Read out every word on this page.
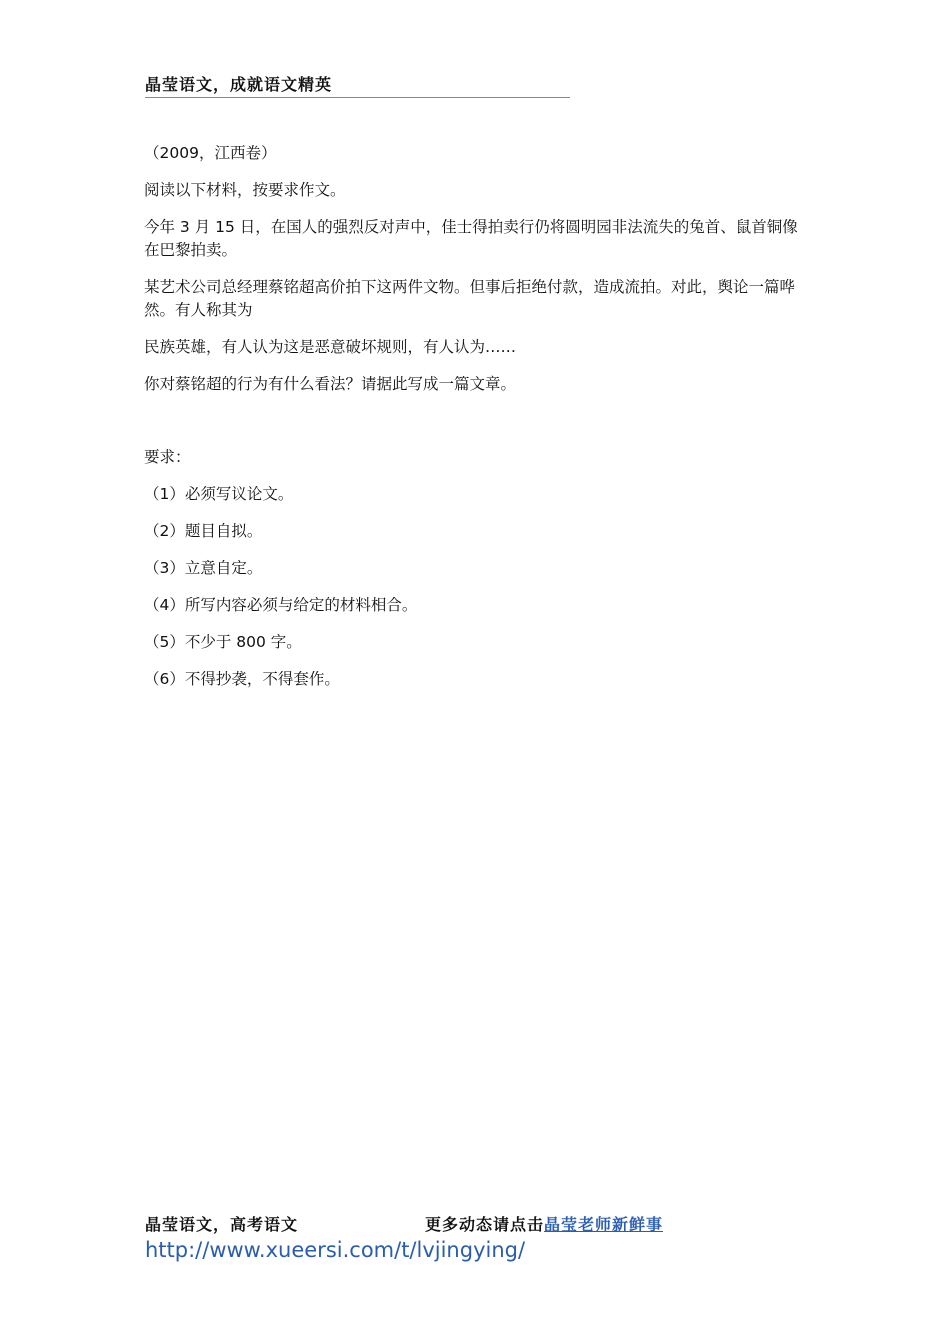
晶莹语文，成就语文精英

（2009，江西卷）

阅读以下材料，按要求作文。

今年 3 月 15 日，在国人的强烈反对声中，佳士得拍卖行仍将圆明园非法流失的兔首、鼠首铜像在巴黎拍卖。

某艺术公司总经理蔡铭超高价拍下这两件文物。但事后拒绝付款，造成流拍。对此，舆论一篇哗然。有人称其为

民族英雄，有人认为这是恶意破坏规则，有人认为……

你对蔡铭超的行为有什么看法？请据此写成一篇文章。

要求：

（1）必须写议论文。

（2）题目自拟。

（3）立意自定。

（4）所写内容必须与给定的材料相合。

（5）不少于 800 字。

（6）不得抄袭，不得套作。

晶莹语文，高考语文	更多动态请点击晶莹老师新鲜事
http://www.xueersi.com/t/lvjingying/
